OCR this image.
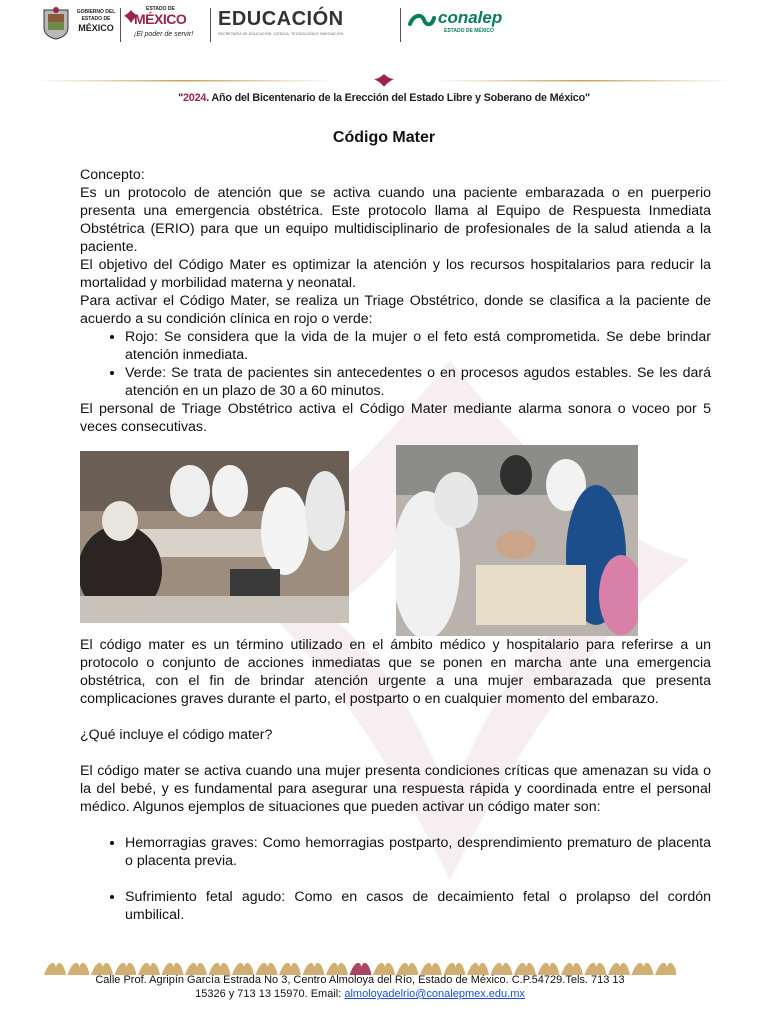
GOBIERNO DEL
ESTADO DE
MÉXICO
ESTADO DE
MÉXICO
¡El poder de servir!
EDUCACIÓN
SECRETARÍA DE EDUCACIÓN, CIENCIA, TECNOLOGÍA E INNOVACIÓN
conalep
ESTADO DE MÉXICO
"2024. Año del Bicentenario de la Erección del Estado Libre y Soberano de México"
Código Mater

Concepto:

Es un protocolo de atención que se activa cuando una paciente embarazada o en puerperio presenta una emergencia obstétrica. Este protocolo llama al Equipo de Respuesta Inmediata Obstétrica (ERIO) para que un equipo multidisciplinario de profesionales de la salud atienda a la paciente.

El objetivo del Código Mater es optimizar la atención y los recursos hospitalarios para reducir la mortalidad y morbilidad materna y neonatal.

Para activar el Código Mater, se realiza un Triage Obstétrico, donde se clasifica a la paciente de acuerdo a su condición clínica en rojo o verde:

• Rojo: Se considera que la vida de la mujer o el feto está comprometida. Se debe brindar atención inmediata.
• Verde: Se trata de pacientes sin antecedentes o en procesos agudos estables. Se les dará atención en un plazo de 30 a 60 minutos.

El personal de Triage Obstétrico activa el Código Mater mediante alarma sonora o voceo por 5 veces consecutivas.

El código mater es un término utilizado en el ámbito médico y hospitalario para referirse a un protocolo o conjunto de acciones inmediatas que se ponen en marcha ante una emergencia obstétrica, con el fin de brindar atención urgente a una mujer embarazada que presenta complicaciones graves durante el parto, el postparto o en cualquier momento del embarazo.

¿Qué incluye el código mater?

El código mater se activa cuando una mujer presenta condiciones críticas que amenazan su vida o la del bebé, y es fundamental para asegurar una respuesta rápida y coordinada entre el personal médico. Algunos ejemplos de situaciones que pueden activar un código mater son:

• Hemorragias graves: Como hemorragias postparto, desprendimiento prematuro de placenta o placenta previa.
• Sufrimiento fetal agudo: Como en casos de decaimiento fetal o prolapso del cordón umbilical.
Calle Prof. Agripín García Estrada No 3, Centro Almoloya del Río, Estado de México. C.P.54729.Tels. 713 13
15326 y 713 13 15970. Email: almoloyadelrio@conalepmex.edu.mx
